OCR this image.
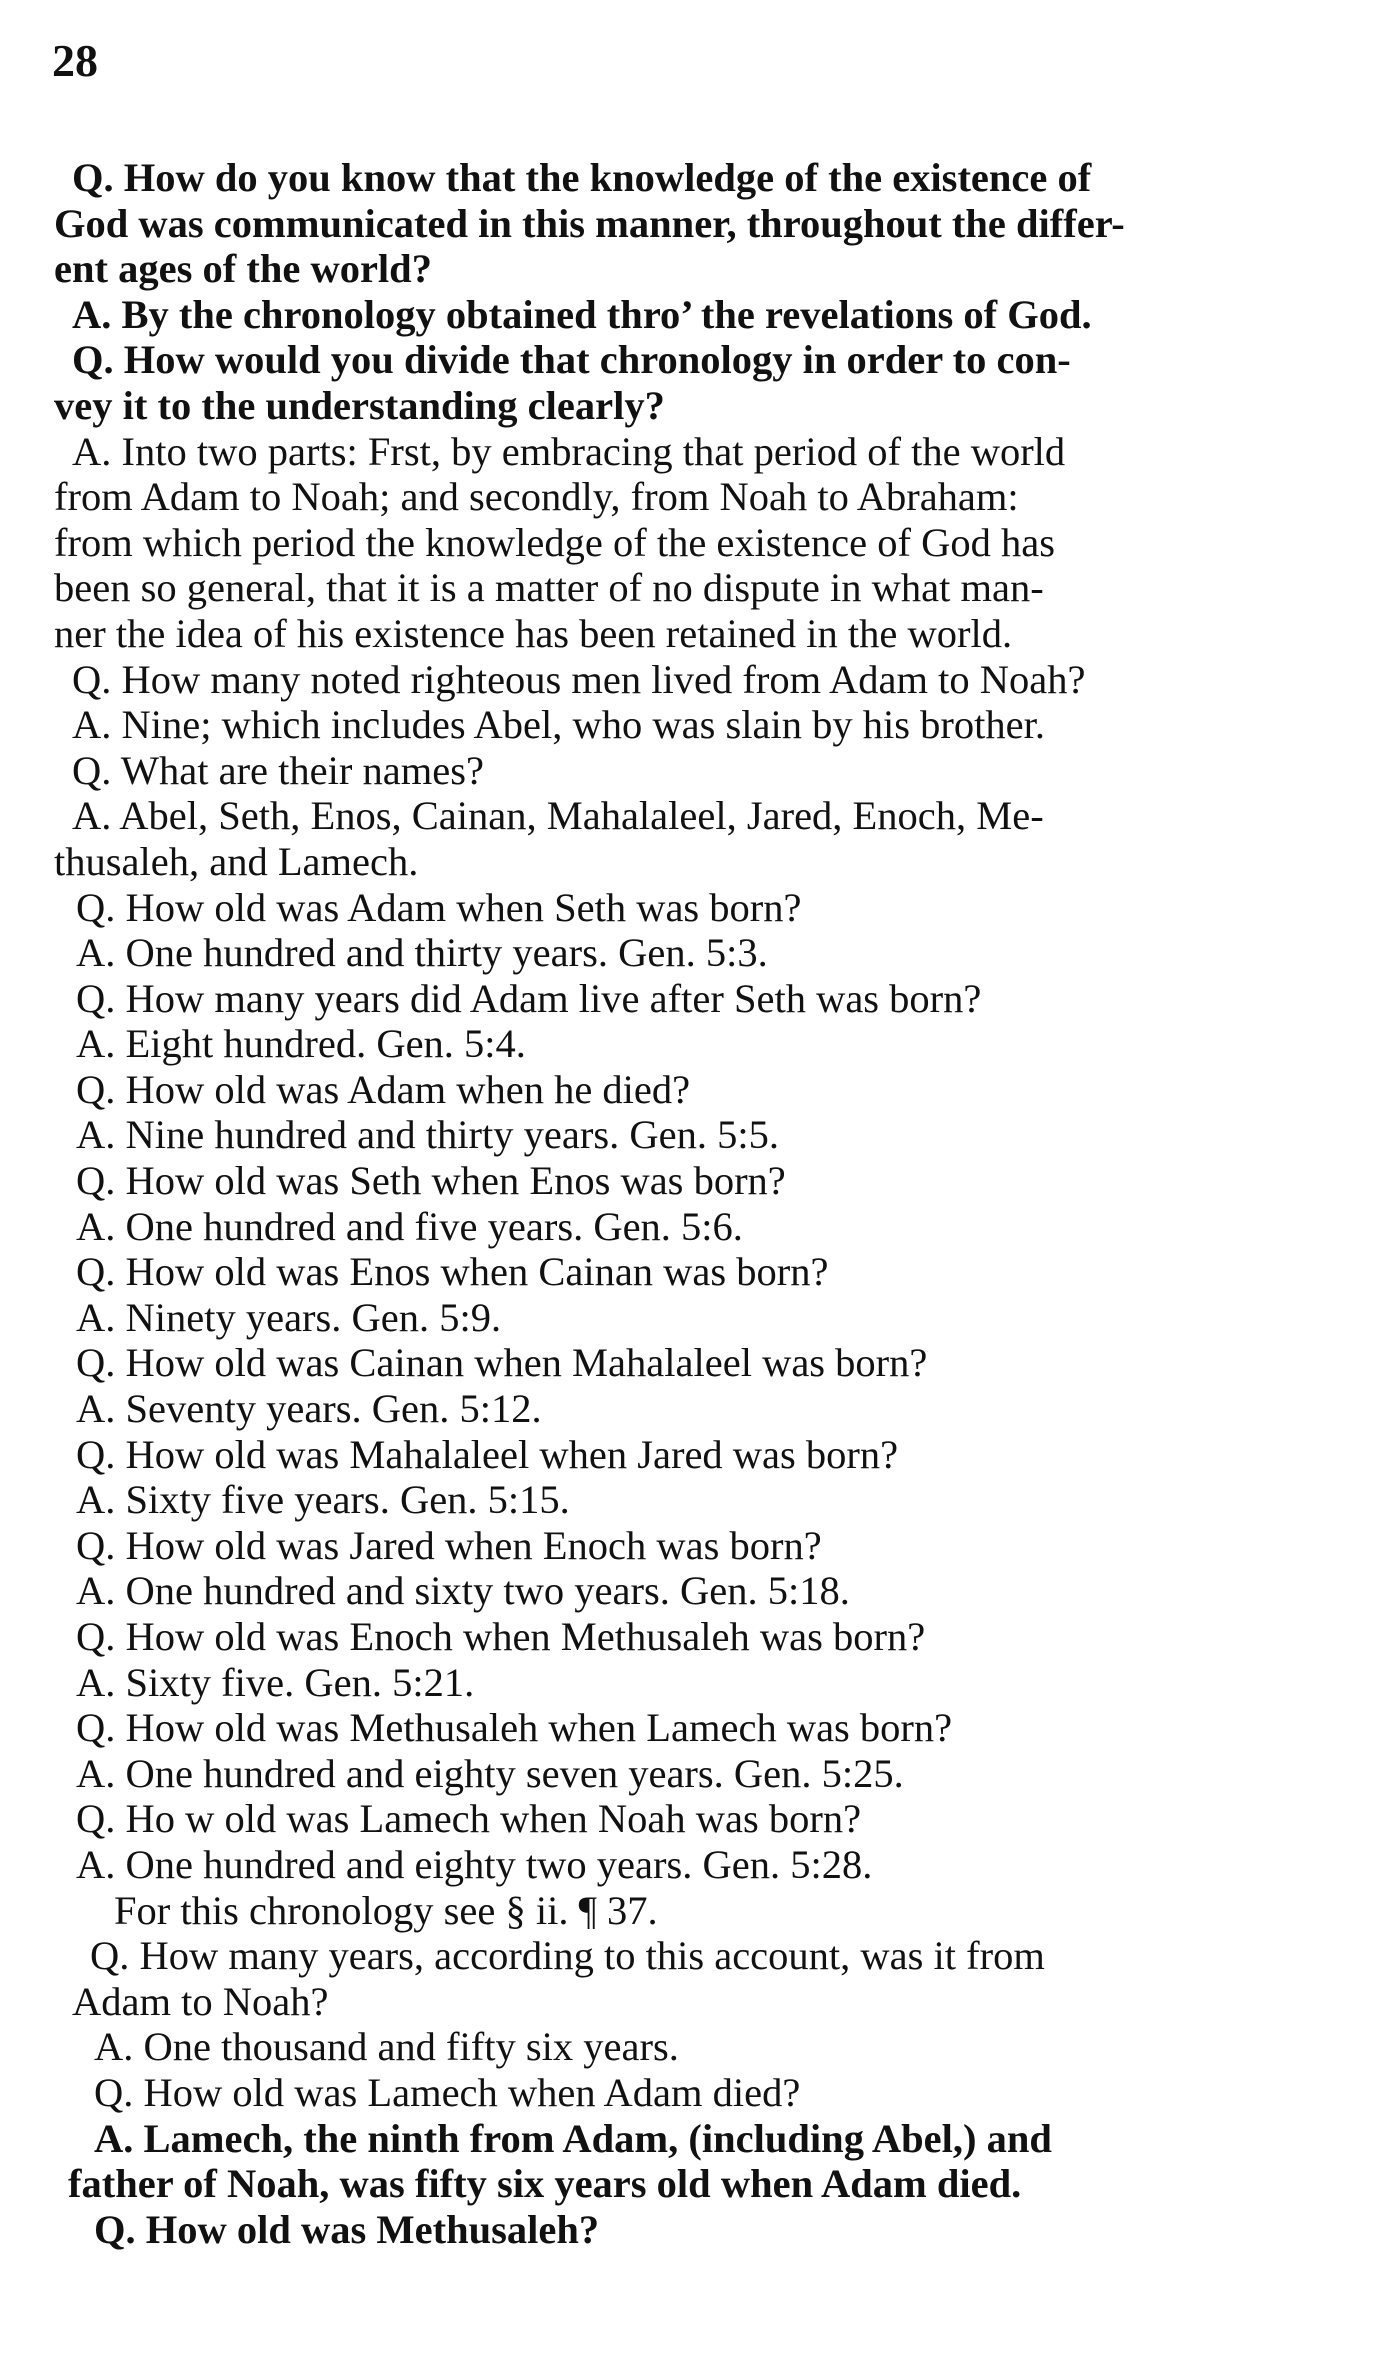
28
Q. How do you know that the knowledge of the existence of
God was communicated in this manner, throughout the differ-
ent ages of the world?
A. By the chronology obtained thro’ the revelations of God.
Q. How would you divide that chronology in order to con-
vey it to the understanding clearly?
A. Into two parts: Frst, by embracing that period of the world
from Adam to Noah; and secondly, from Noah to Abraham:
from which period the knowledge of the existence of God has
been so general, that it is a matter of no dispute in what man-
ner the idea of his existence has been retained in the world.
Q. How many noted righteous men lived from Adam to Noah?
A. Nine; which includes Abel, who was slain by his brother.
Q. What are their names?
A. Abel, Seth, Enos, Cainan, Mahalaleel, Jared, Enoch, Me-
thusaleh, and Lamech.
Q. How old was Adam when Seth was born?
A. One hundred and thirty years. Gen. 5:3.
Q. How many years did Adam live after Seth was born?
A. Eight hundred. Gen. 5:4.
Q. How old was Adam when he died?
A. Nine hundred and thirty years. Gen. 5:5.
Q. How old was Seth when Enos was born?
A. One hundred and five years. Gen. 5:6.
Q. How old was Enos when Cainan was born?
A. Ninety years. Gen. 5:9.
Q. How old was Cainan when Mahalaleel was born?
A. Seventy years. Gen. 5:12.
Q. How old was Mahalaleel when Jared was born?
A. Sixty five years. Gen. 5:15.
Q. How old was Jared when Enoch was born?
A. One hundred and sixty two years. Gen. 5:18.
Q. How old was Enoch when Methusaleh was born?
A. Sixty five. Gen. 5:21.
Q. How old was Methusaleh when Lamech was born?
A. One hundred and eighty seven years. Gen. 5:25.
Q. Ho w old was Lamech when Noah was born?
A. One hundred and eighty two years. Gen. 5:28.
For this chronology see § ii. ¶ 37.
Q. How many years, according to this account, was it from
Adam to Noah?
A. One thousand and fifty six years.
Q. How old was Lamech when Adam died?
A. Lamech, the ninth from Adam, (including Abel,) and
father of Noah, was fifty six years old when Adam died.
Q. How old was Methusaleh?
